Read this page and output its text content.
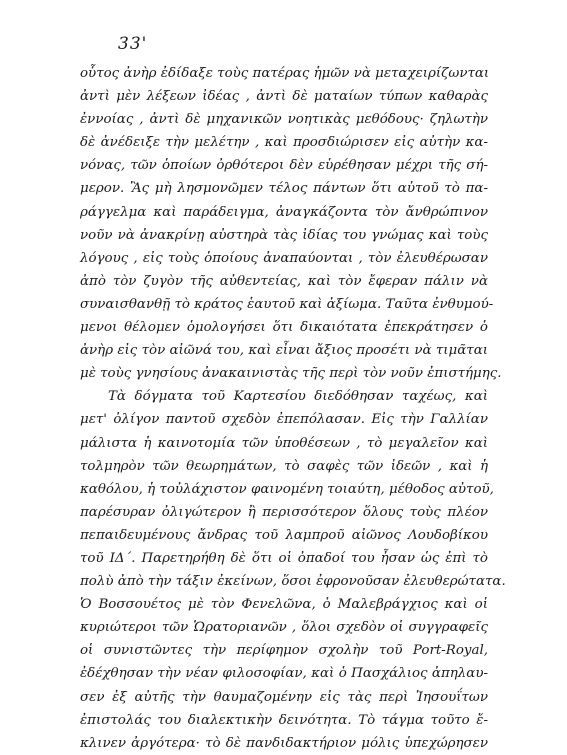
33'
οὗτος ἀνὴρ ἐδίδαξε τοὺς πατέρας ἡμῶν νὰ μεταχειρίζωνται
ἀντὶ μὲν λέξεων ἰδέας , ἀντὶ δὲ ματαίων τύπων καθαρὰς
ἐννοίας , ἀντὶ δὲ μηχανικῶν νοητικὰς μεθόδους· ζηλωτὴν
δὲ ἀνέδειξε τὴν μελέτην , καὶ προσδιώρισεν εἰς αὐτὴν κα-
νόνας, τῶν ὁποίων ὀρθότεροι δὲν εὑρέθησαν μέχρι τῆς σή-
μερον. Ἂς μὴ λησμονῶμεν τέλος πάντων ὅτι αὐτοῦ τὸ πα-
ράγγελμα καὶ παράδειγμα, ἀναγκάζοντα τὸν ἄνθρώπινον
νοῦν νὰ ἀνακρίνῃ αὐστηρὰ τὰς ἰδίας του γνώμας καὶ τοὺς
λόγους , εἰς τοὺς ὁποίους ἀναπαύονται , τὸν ἐλευθέρωσαν
ἀπὸ τὸν ζυγὸν τῆς αὐθεντείας, καὶ τὸν ἔφεραν πάλιν νὰ
συναισθανθῇ τὸ κράτος ἑαυτοῦ καὶ ἀξίωμα. Ταῦτα ἐνθυμού-
μενοι θέλομεν ὁμολογήσει ὅτι δικαιότατα ἐπεκράτησεν ὁ
ἀνὴρ εἰς τὸν αἰῶνά του, καὶ εἶναι ἄξιος προσέτι νὰ τιμᾶται
μὲ τοὺς γνησίους ἀνακαινιστὰς τῆς περὶ τὸν νοῦν ἐπιστήμης.
Τὰ δόγματα τοῦ Καρτεσίου διεδόθησαν ταχέως, καὶ
μετ' ὀλίγον παντοῦ σχεδὸν ἐπεπόλασαν. Εἰς τὴν Γαλλίαν
μάλιστα ἡ καινοτομία τῶν ὑποθέσεων , τὸ μεγαλεῖον καὶ
τολμηρὸν τῶν θεωρημάτων, τὸ σαφὲς τῶν ἰδεῶν , καὶ ἡ
καθόλου, ἡ τοὐλάχιστον φαινομένη τοιαύτη, μέθοδος αὐτοῦ,
παρέσυραν ὀλιγώτερον ἢ περισσότερον ὅλους τοὺς πλέον
πεπαιδευμένους ἄνδρας τοῦ λαμπροῦ αἰῶνος Λουδοβίκου
τοῦ ΙΔ΄. Παρετηρήθη δὲ ὅτι οἱ ὀπαδοί του ἦσαν ὡς ἐπὶ τὸ
πολὺ ἀπὸ τὴν τάξιν ἐκείνων, ὅσοι ἐφρονοῦσαν ἐλευθερώτατα.
Ὁ Βοσσουέτος μὲ τὸν Φενελῶνα, ὁ Μαλεβράγχιος καὶ οἱ
κυριώτεροι τῶν Ὡρατοριανῶν , ὅλοι σχεδὸν οἱ συγγραφεῖς
οἱ συνιστῶντες τὴν περίφημον σχολὴν τοῦ Port-Royal,
ἐδέχθησαν τὴν νέαν φιλοσοφίαν, καὶ ὁ Πασχάλιος ἀπηλαυ-
σεν ἐξ αὐτῆς τὴν θαυμαζομένην εἰς τὰς περὶ Ἰησουΐτων
ἐπιστολάς του διαλεκτικὴν δεινότητα. Τὸ τάγμα τοῦτο ἔ-
κλινεν ἀργότερα· τὸ δὲ πανδιδακτήριον μόλις ὑπεχώρησεν
